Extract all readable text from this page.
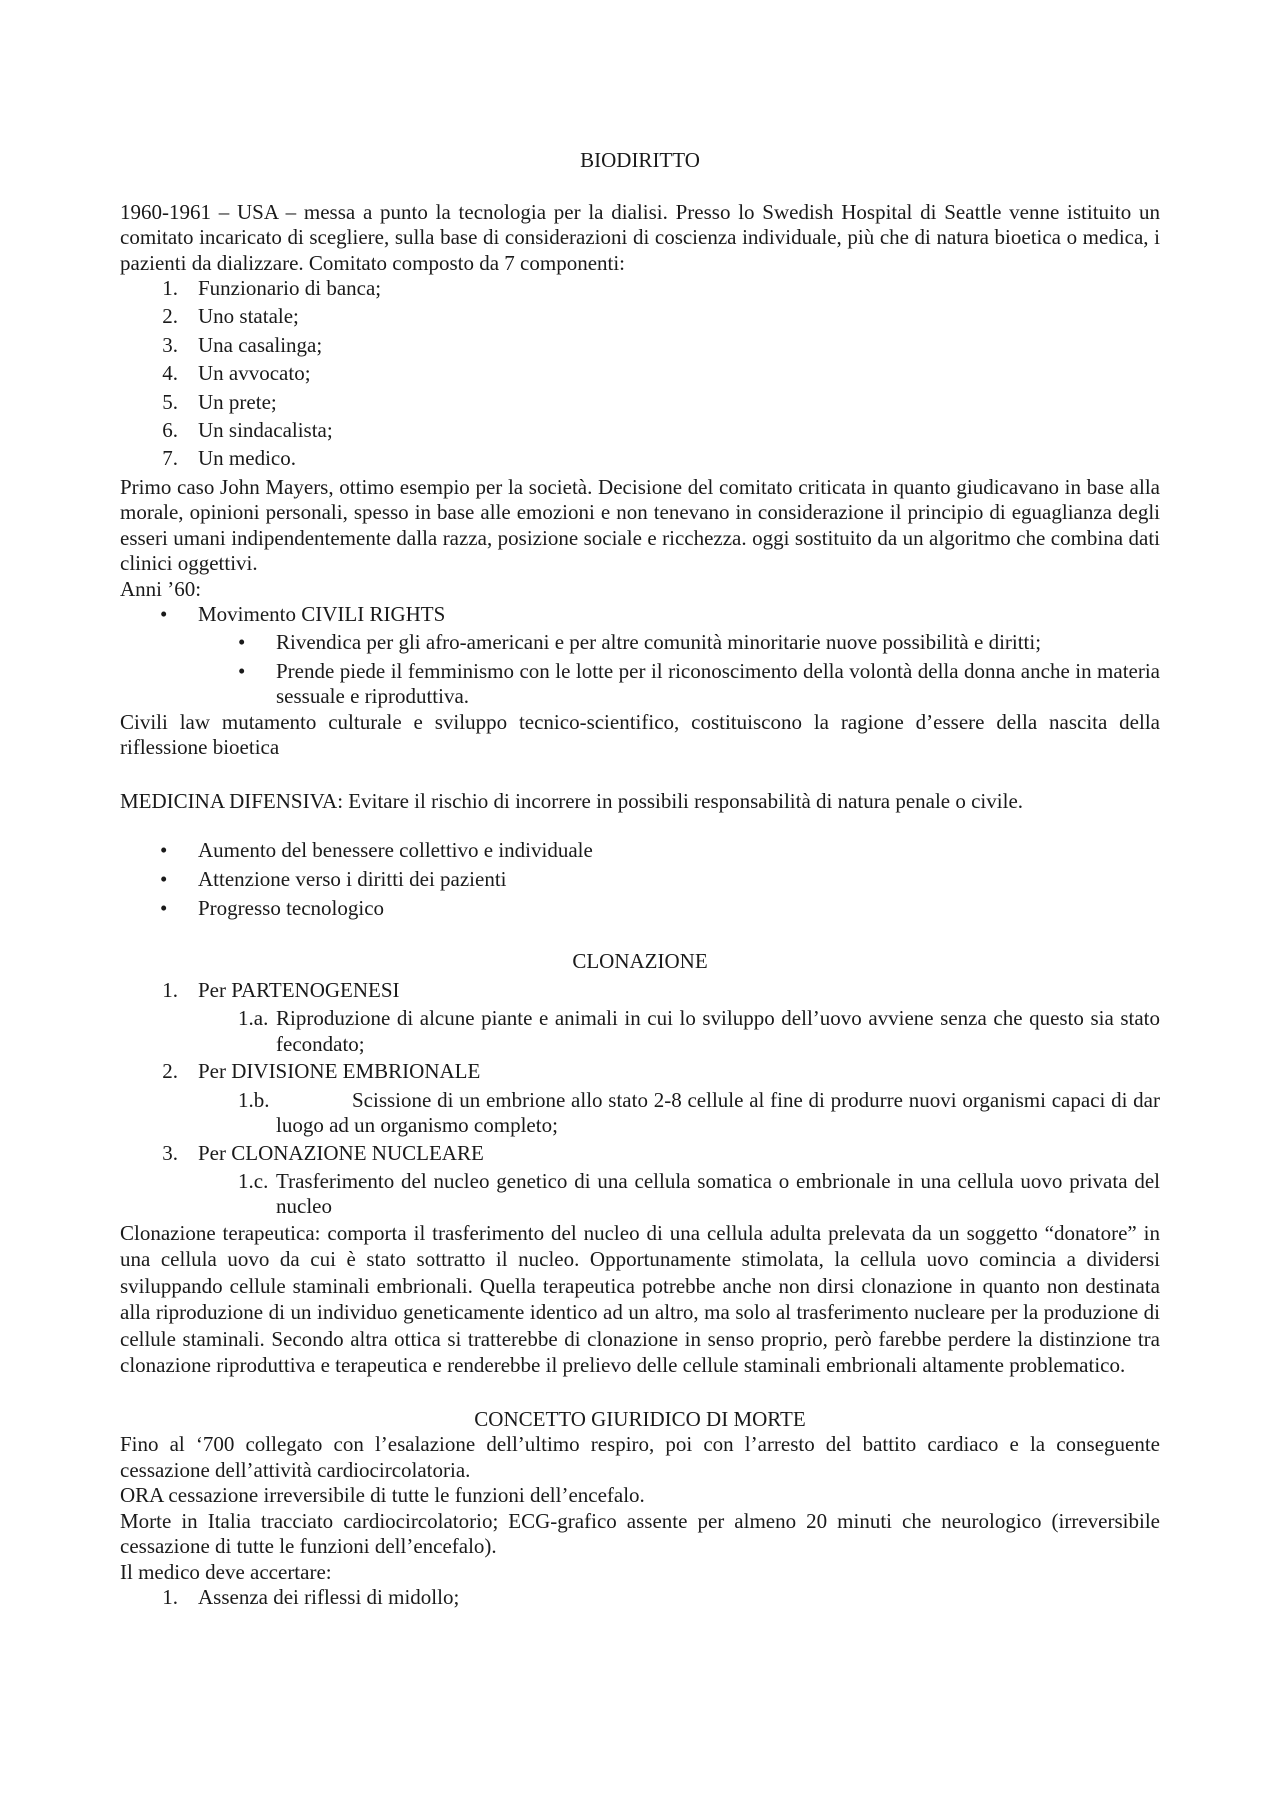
BIODIRITTO

1960-1961 – USA – messa a punto la tecnologia per la dialisi. Presso lo Swedish Hospital di Seattle venne istituito un comitato incaricato di scegliere, sulla base di considerazioni di coscienza individuale, più che di natura bioetica o medica, i pazienti da dializzare. Comitato composto da 7 componenti:

1. Funzionario di banca;
2. Uno statale;
3. Una casalinga;
4. Un avvocato;
5. Un prete;
6. Un sindacalista;
7. Un medico.

Primo caso John Mayers, ottimo esempio per la società. Decisione del comitato criticata in quanto giudicavano in base alla morale, opinioni personali, spesso in base alle emozioni e non tenevano in considerazione il principio di eguaglianza degli esseri umani indipendentemente dalla razza, posizione sociale e ricchezza. oggi sostituito da un algoritmo che combina dati clinici oggettivi.

Anni ’60:

•	Movimento CIVILI RIGHTS
•	Rivendica per gli afro-americani e per altre comunità minoritarie nuove possibilità e diritti;
•	Prende piede il femminismo con le lotte per il riconoscimento della volontà della donna anche in materia sessuale e riproduttiva.

Civili law mutamento culturale e sviluppo tecnico-scientifico, costituiscono la ragione d’essere della nascita della riflessione bioetica

MEDICINA DIFENSIVA: Evitare il rischio di incorrere in possibili responsabilità di natura penale o civile.

•	Aumento del benessere collettivo e individuale
•	Attenzione verso i diritti dei pazienti
•	Progresso tecnologico

CLONAZIONE

1. Per PARTENOGENESI
1.a. Riproduzione di alcune piante e animali in cui lo sviluppo dell’uovo avviene senza che questo sia stato fecondato;
2. Per DIVISIONE EMBRIONALE
1.b.	Scissione di un embrione allo stato 2-8 cellule al fine di produrre nuovi organismi capaci di dar luogo ad un organismo completo;
3. Per CLONAZIONE NUCLEARE
1.c. Trasferimento del nucleo genetico di una cellula somatica o embrionale in una cellula uovo privata del nucleo

Clonazione terapeutica: comporta il trasferimento del nucleo di una cellula adulta prelevata da un soggetto “donatore” in una cellula uovo da cui è stato sottratto il nucleo. Opportunamente stimolata, la cellula uovo comincia a dividersi sviluppando cellule staminali embrionali. Quella terapeutica potrebbe anche non dirsi clonazione in quanto non destinata alla riproduzione di un individuo geneticamente identico ad un altro, ma solo al trasferimento nucleare per la produzione di cellule staminali. Secondo altra ottica si tratterebbe di clonazione in senso proprio, però farebbe perdere la distinzione tra clonazione riproduttiva e terapeutica e renderebbe il prelievo delle cellule staminali embrionali altamente problematico.

CONCETTO GIURIDICO DI MORTE

Fino al ‘700 collegato con l’esalazione dell’ultimo respiro, poi con l’arresto del battito cardiaco e la conseguente cessazione dell’attività cardiocircolatoria.

ORA cessazione irreversibile di tutte le funzioni dell’encefalo.

Morte in Italia tracciato cardiocircolatorio; ECG-grafico assente per almeno 20 minuti che neurologico (irreversibile cessazione di tutte le funzioni dell’encefalo).

Il medico deve accertare:

1. Assenza dei riflessi di midollo;
